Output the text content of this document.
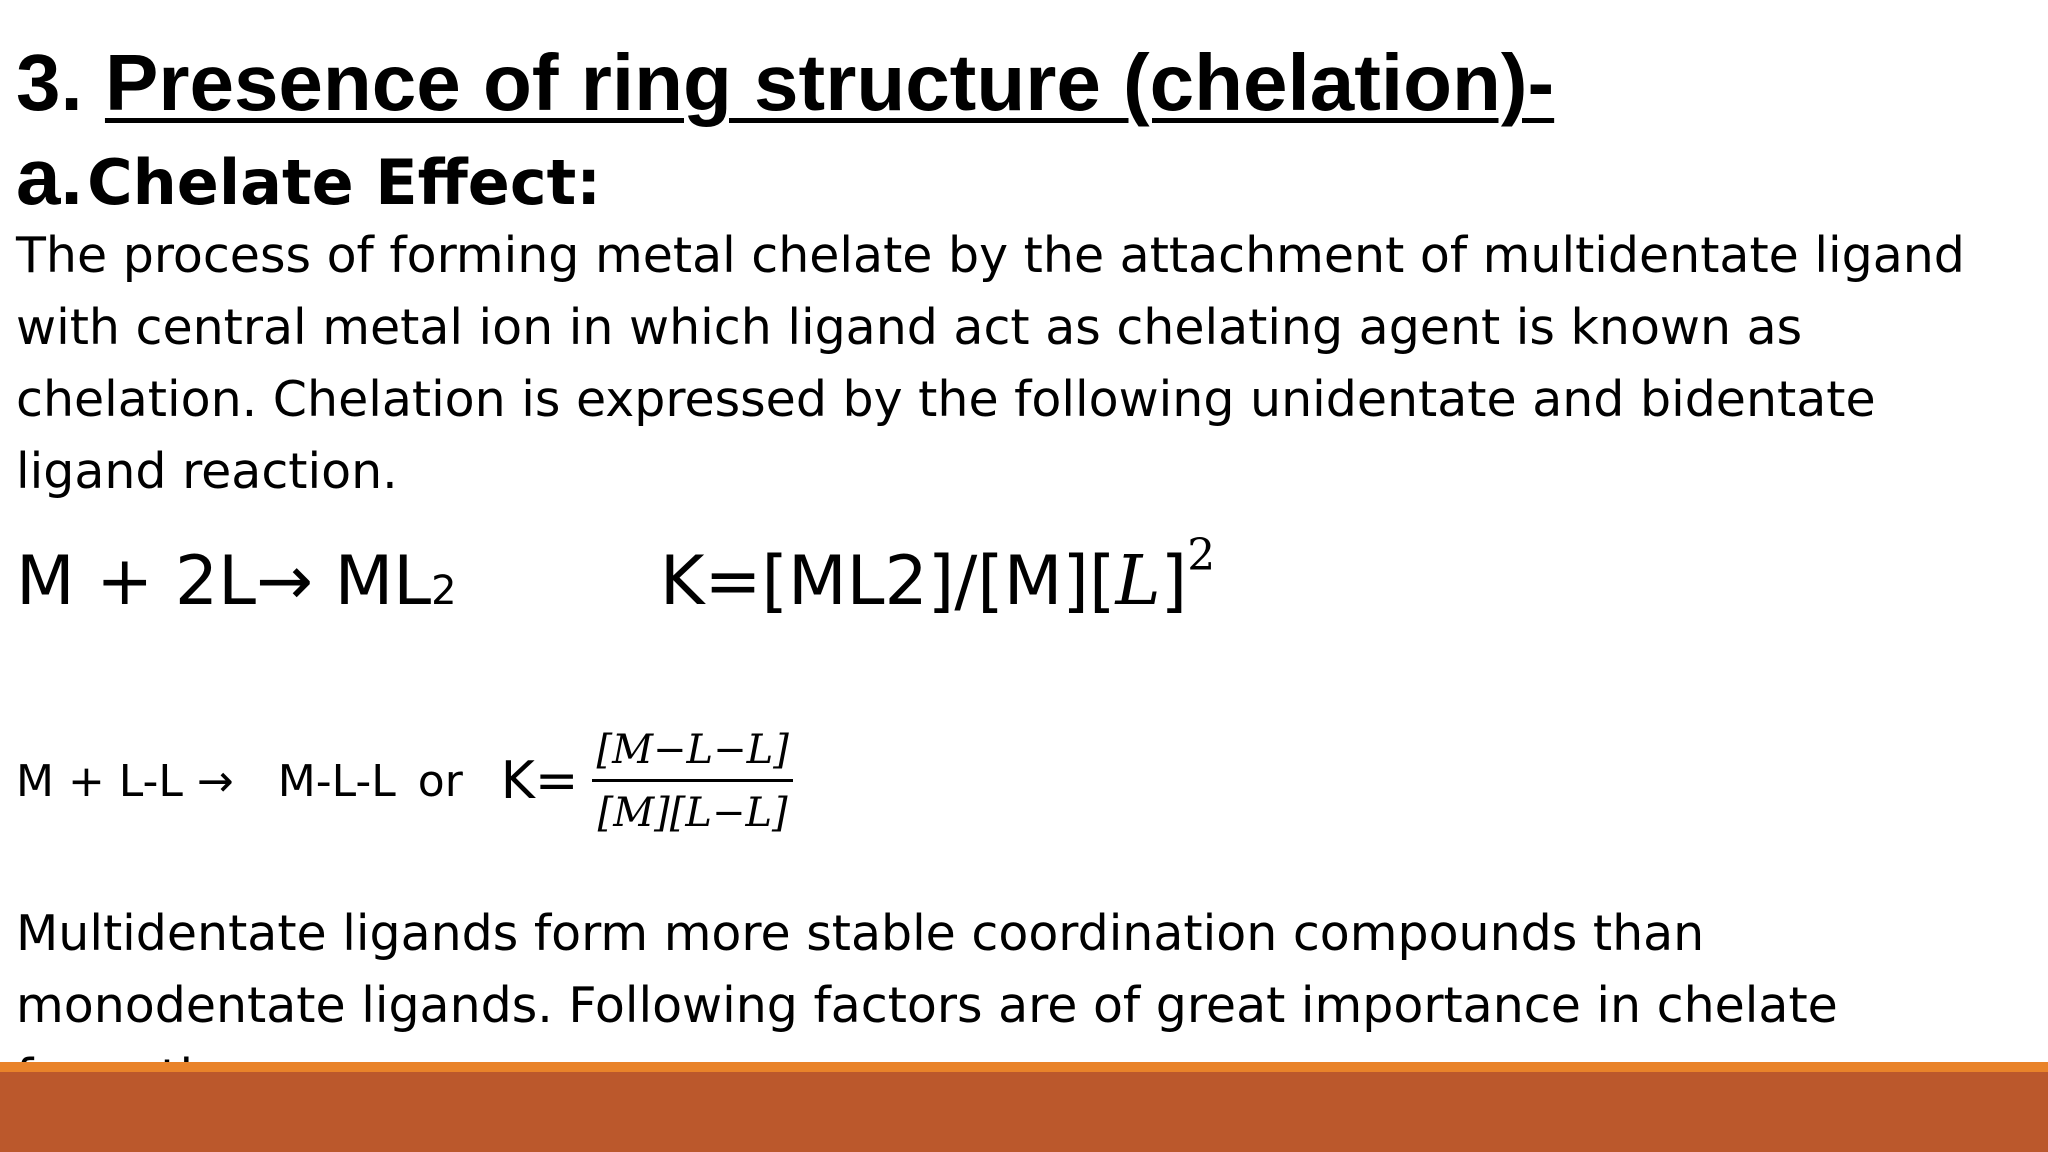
3. Presence of ring structure (chelation)-
a. Chelate Effect:
The process of forming metal chelate by the attachment of multidentate ligand with central metal ion in which ligand act as chelating agent is known as chelation. Chelation is expressed by the following unidentate and bidentate ligand reaction.
M + 2L→ ML2	$K=[ML2]/[M][L]^2$
M + L-L → M-L-L or $K= \frac{[M-L-L]}{[M][L-L]}$
Multidentate ligands form more stable coordination compounds than monodentate ligands. Following factors are of great importance in chelate
